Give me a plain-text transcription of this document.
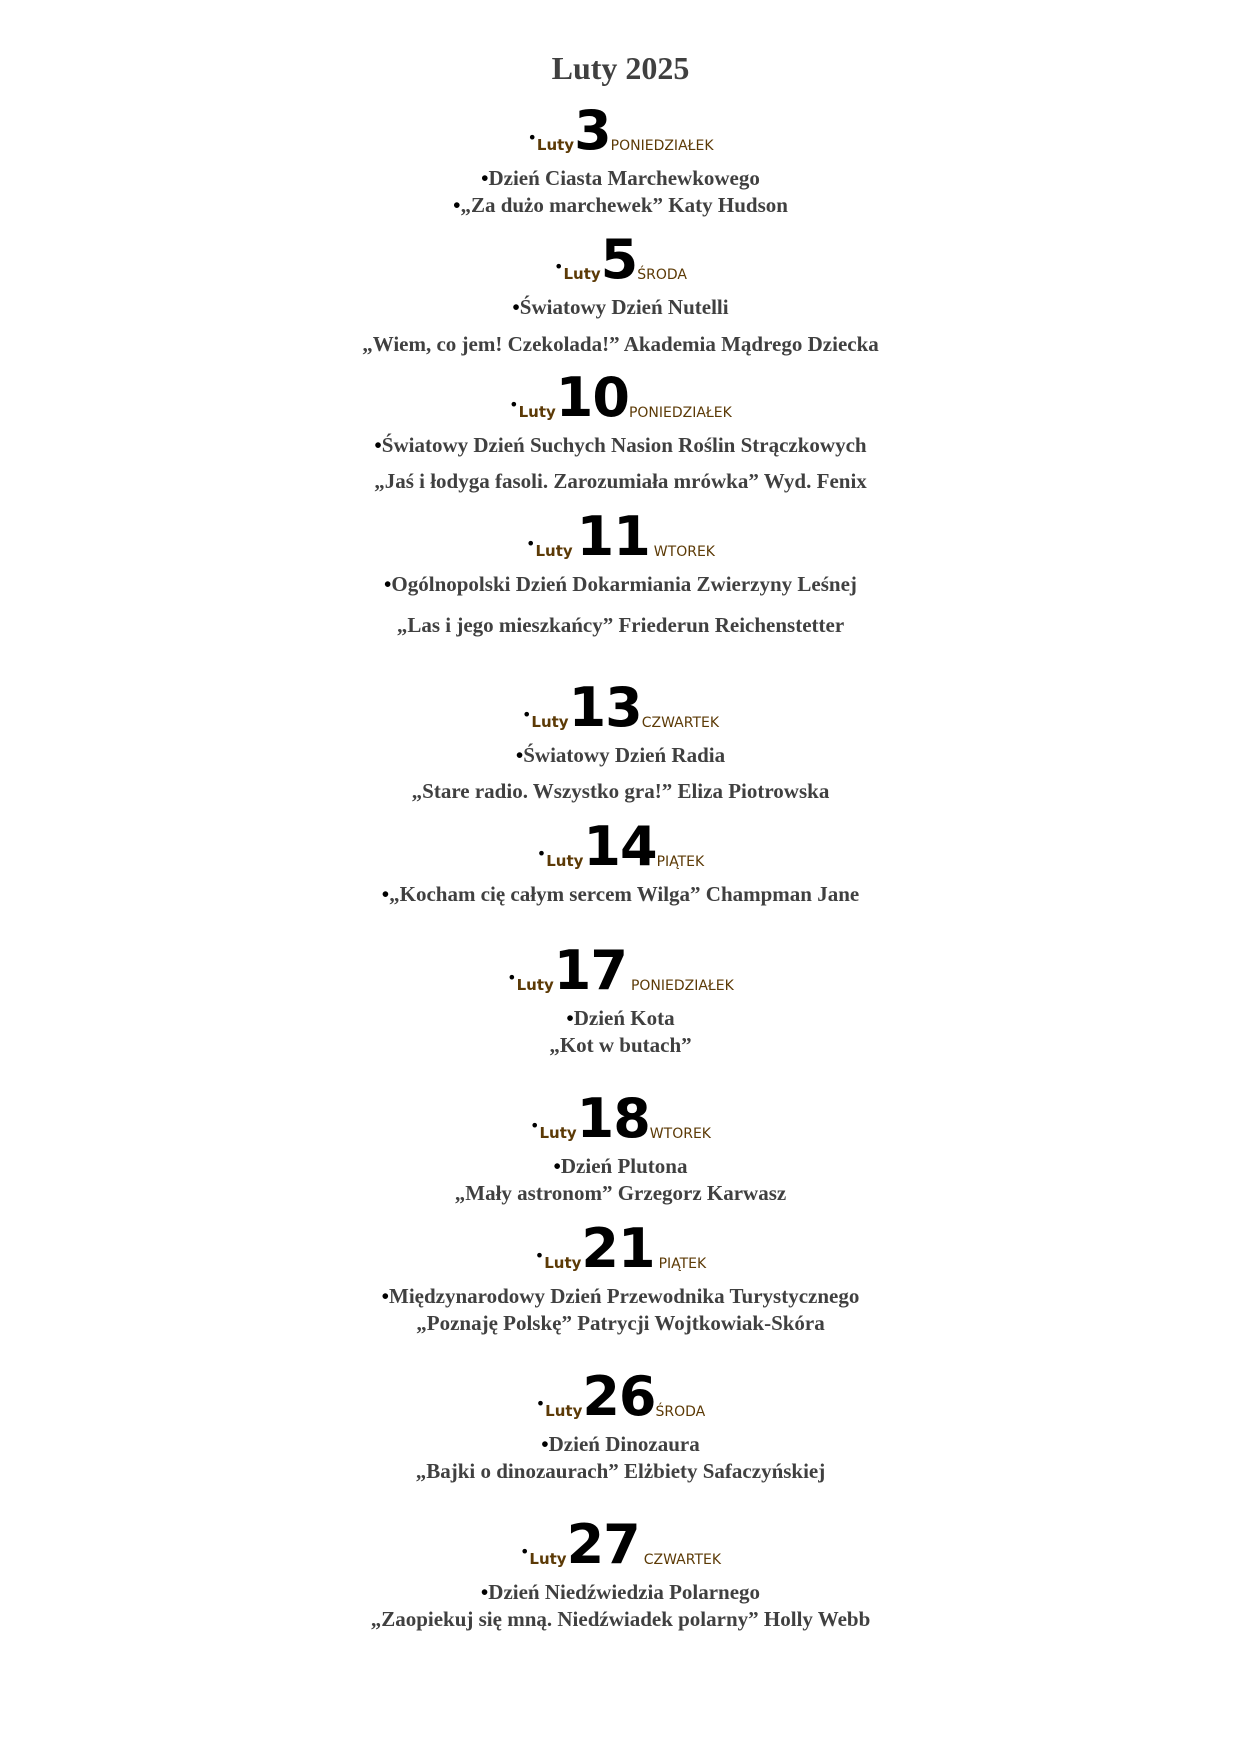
Luty 2025
• Luty 3 PONIEDZIAŁEK
•Dzień Ciasta Marchewkowego
•„Za dużo marchewek” Katy Hudson
• Luty 5 ŚRODA
•Światowy Dzień Nutelli
„Wiem, co jem! Czekolada!” Akademia Mądrego Dziecka
• Luty 10 PONIEDZIAŁEK
•Światowy Dzień Suchych Nasion Roślin Strączkowych
„Jaś i łodyga fasoli. Zarozumiała mrówka” Wyd. Fenix
• Luty 11 WTOREK
•Ogólnopolski Dzień Dokarmiania Zwierzyny Leśnej
„Las i jego mieszkańcy” Friederun Reichenstetter
• Luty 13 CZWARTEK
•Światowy Dzień Radia
„Stare radio. Wszystko gra!” Eliza Piotrowska
• Luty 14 PIĄTEK
•„Kocham cię całym sercem Wilga” Champman Jane
• Luty 17 PONIEDZIAŁEK
•Dzień Kota
„Kot w butach”
• Luty 18 WTOREK
•Dzień Plutona
„Mały astronom” Grzegorz Karwasz
• Luty 21 PIĄTEK
•Międzynarodowy Dzień Przewodnika Turystycznego
„Poznaję Polskę” Patrycji Wojtkowiak-Skóra
• Luty 26 ŚRODA
•Dzień Dinozaura
„Bajki o dinozaurach” Elżbiety Safaczyńskiej
• Luty 27 CZWARTEK
•Dzień Niedźwiedzia Polarnego
„Zaopiekuj się mną. Niedźwiadek polarny” Holly Webb
